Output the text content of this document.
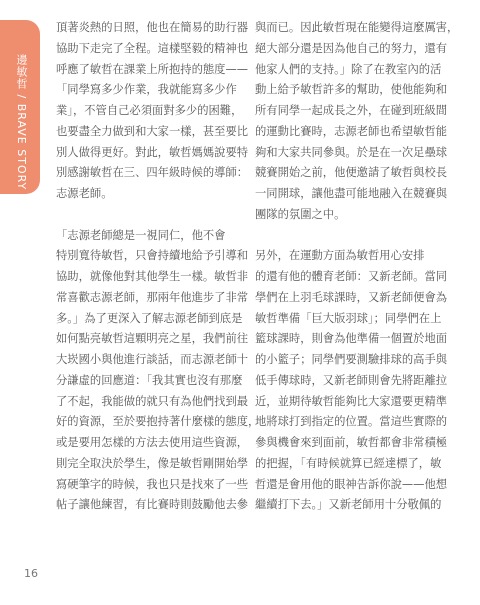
邊敏哲 / BRAVE STORY
頂著炎熱的日照，他也在簡易的助行器
協助下走完了全程。這樣堅毅的精神也
呼應了敏哲在課業上所抱持的態度——
「同學寫多少作業，我就能寫多少作
業」，不管自己必須面對多少的困難，
也要盡全力做到和大家一樣，甚至要比
別人做得更好。對此，敏哲媽媽說要特
別感謝敏哲在三、四年級時候的導師：
志源老師。
「志源老師總是一視同仁，他不會
特別寬待敏哲，只會持續地給予引導和
協助，就像他對其他學生一樣。敏哲非
常喜歡志源老師，那兩年他進步了非常
多。」為了更深入了解志源老師到底是
如何點亮敏哲這顆明亮之星，我們前往
大崁國小與他進行談話，而志源老師十
分謙虛的回應道：「我其實也沒有那麼
了不起，我能做的就只有為他們找到最
好的資源，至於要抱持著什麼樣的態度，
或是要用怎樣的方法去使用這些資源，
則完全取決於學生，像是敏哲剛開始學
寫硬筆字的時候，我也只是找來了一些
帖子讓他練習，有比賽時則鼓勵他去參
與而已。因此敏哲現在能變得這麼厲害，
絕大部分還是因為他自己的努力，還有
他家人們的支持。」除了在教室內的活
動上給予敏哲許多的幫助，使他能夠和
所有同學一起成長之外，在碰到班級間
的運動比賽時，志源老師也希望敏哲能
夠和大家共同參與。於是在一次足壘球
競賽開始之前，他便邀請了敏哲與校長
一同開球，讓他盡可能地融入在競賽與
團隊的氛圍之中。
另外，在運動方面為敏哲用心安排
的還有他的體育老師：又新老師。當同
學們在上羽毛球課時，又新老師便會為
敏哲準備「巨大版羽球」；同學們在上
籃球課時，則會為他準備一個置於地面
的小籃子；同學們要測驗排球的高手與
低手傳球時，又新老師則會先將距離拉
近，並期待敏哲能夠比大家還要更精準
地將球打到指定的位置。當這些實際的
參與機會來到面前，敏哲都會非常積極
的把握，「有時候就算已經達標了，敏
哲還是會用他的眼神告訴你說——他想
繼續打下去。」又新老師用十分敬佩的
16
